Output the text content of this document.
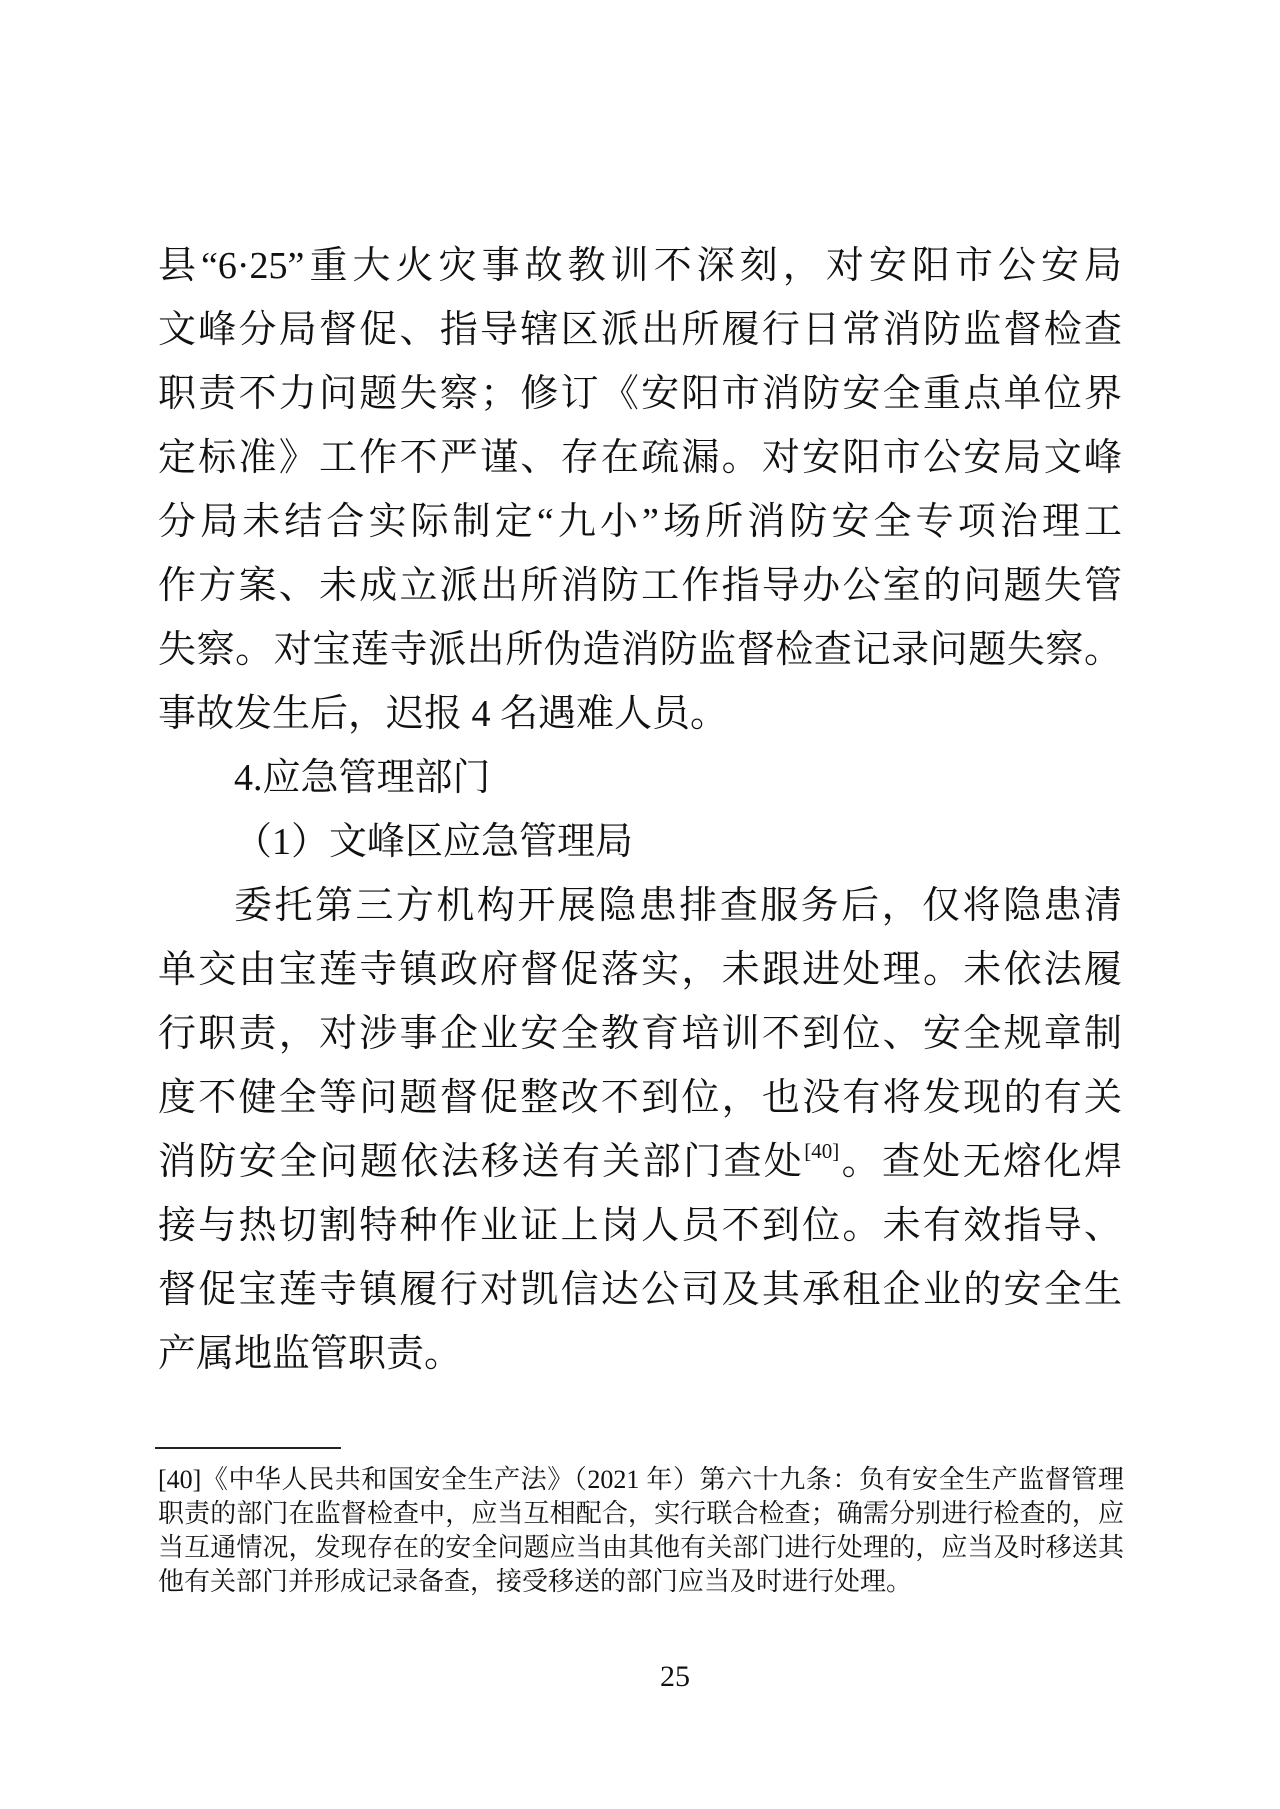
县“6·25”重大火灾事故教训不深刻，对安阳市公安局
文峰分局督促、指导辖区派出所履行日常消防监督检查
职责不力问题失察；修订《安阳市消防安全重点单位界
定标准》工作不严谨、存在疏漏。对安阳市公安局文峰
分局未结合实际制定“九小”场所消防安全专项治理工
作方案、未成立派出所消防工作指导办公室的问题失管
失察。对宝莲寺派出所伪造消防监督检查记录问题失察。
事故发生后，迟报 4 名遇难人员。
4.应急管理部门
（1）文峰区应急管理局
委托第三方机构开展隐患排查服务后，仅将隐患清
单交由宝莲寺镇政府督促落实，未跟进处理。未依法履
行职责，对涉事企业安全教育培训不到位、安全规章制
度不健全等问题督促整改不到位，也没有将发现的有关
消防安全问题依法移送有关部门查处[40]。查处无熔化焊
接与热切割特种作业证上岗人员不到位。未有效指导、
督促宝莲寺镇履行对凯信达公司及其承租企业的安全生
产属地监管职责。
[40]《中华人民共和国安全生产法》（2021 年）第六十九条：负有安全生产监督管理
职责的部门在监督检查中，应当互相配合，实行联合检查；确需分别进行检查的，应
当互通情况，发现存在的安全问题应当由其他有关部门进行处理的，应当及时移送其
他有关部门并形成记录备查，接受移送的部门应当及时进行处理。
25
